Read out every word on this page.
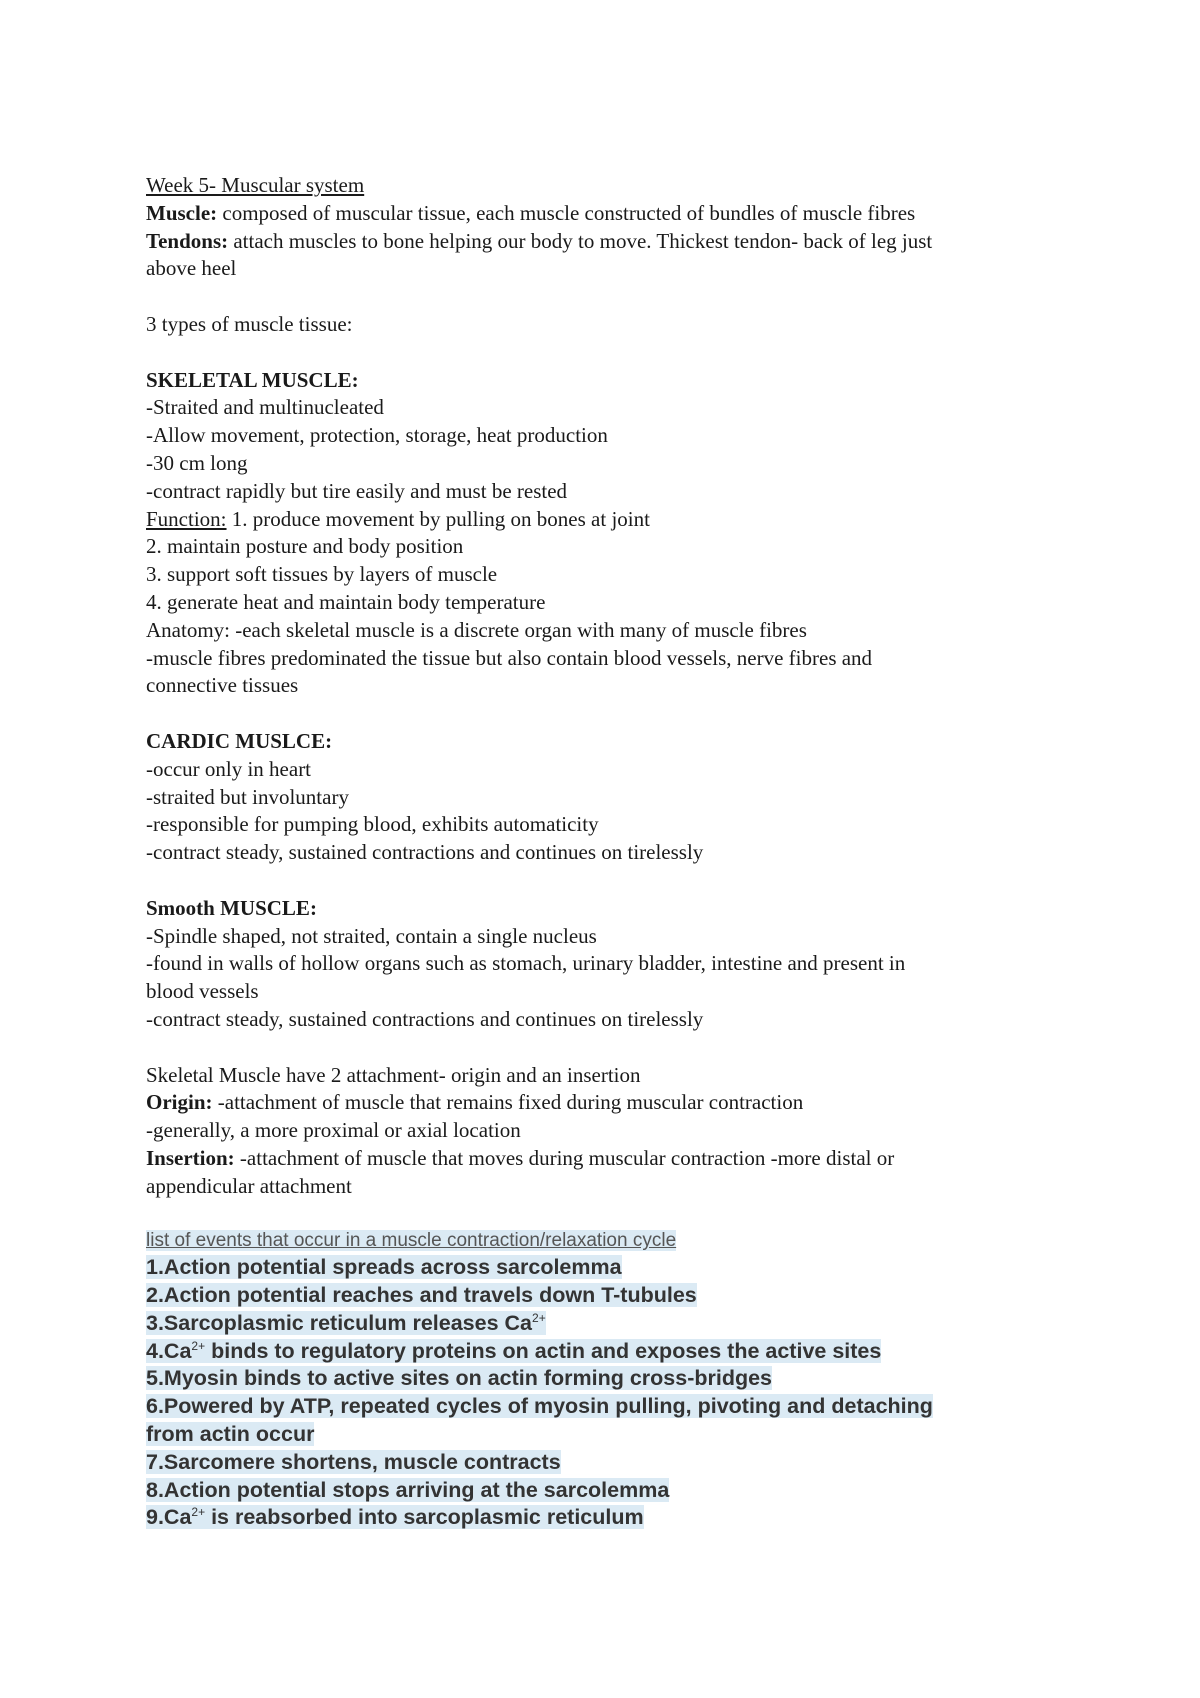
Week 5- Muscular system
Muscle: composed of muscular tissue, each muscle constructed of bundles of muscle fibres
Tendons: attach muscles to bone helping our body to move. Thickest tendon- back of leg just
above heel
3 types of muscle tissue:
SKELETAL MUSCLE:
-Straited and multinucleated
-Allow movement, protection, storage, heat production
-30 cm long
-contract rapidly but tire easily and must be rested
Function: 1. produce movement by pulling on bones at joint
2. maintain posture and body position
3. support soft tissues by layers of muscle
4. generate heat and maintain body temperature
Anatomy: -each skeletal muscle is a discrete organ with many of muscle fibres
-muscle fibres predominated the tissue but also contain blood vessels, nerve fibres and
connective tissues
CARDIC MUSLCE:
-occur only in heart
-straited but involuntary
-responsible for pumping blood, exhibits automaticity
-contract steady, sustained contractions and continues on tirelessly
Smooth MUSCLE:
-Spindle shaped, not straited, contain a single nucleus
-found in walls of hollow organs such as stomach, urinary bladder, intestine and present in
blood vessels
-contract steady, sustained contractions and continues on tirelessly
Skeletal Muscle have 2 attachment- origin and an insertion
Origin: -attachment of muscle that remains fixed during muscular contraction
-generally, a more proximal or axial location
Insertion: -attachment of muscle that moves during muscular contraction -more distal or
appendicular attachment
list of events that occur in a muscle contraction/relaxation cycle
1.Action potential spreads across sarcolemma
2.Action potential reaches and travels down T-tubules
3.Sarcoplasmic reticulum releases $Ca^{2+}$
$4.Ca^{2+}$ binds to regulatory proteins on actin and exposes the active sites
5.Myosin binds to active sites on actin forming cross-bridges
6.Powered by ATP, repeated cycles of myosin pulling, pivoting and detaching
from actin occur
7.Sarcomere shortens, muscle contracts
8.Action potential stops arriving at the sarcolemma
$9.Ca^{2+}$ is reabsorbed into sarcoplasmic reticulum
